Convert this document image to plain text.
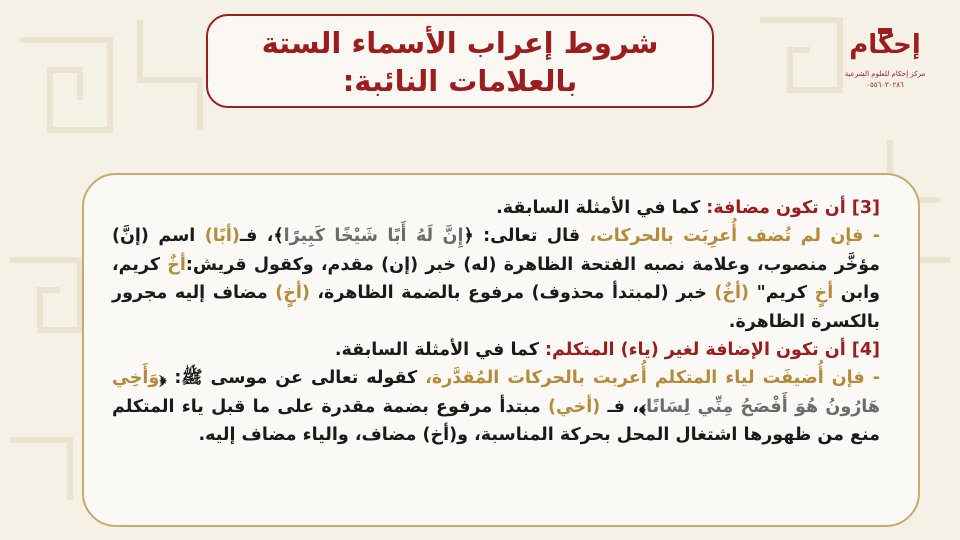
إحكام
مركز إحكام للعلوم الشرعية
٠٥٥٦٠٣٠٢٨٦
شروط إعراب الأسماء الستة
بالعلامات النائبة:

[3] أن تكون مضافة: كما في الأمثلة السابقة.

- فإن لم تُضف أُعرِبَت بالحركات، قال تعالى: ﴿إِنَّ لَهُ أَبًا شَيْخًا كَبِيرًا﴾، فـ(أبًا) اسم (إنَّ) مؤخَّر منصوب، وعلامة نصبه الفتحة الظاهرة (له) خبر (إن) مقدم، وكقول قريش:أخٌ كريم، وابن أخٍ كريم" (أخٌ) خبر (لمبتدأ محذوف) مرفوع بالضمة الظاهرة، (أخٍ) مضاف إليه مجرور بالكسرة الظاهرة.

[4] أن تكون الإضافة لغير (ياء) المتكلم: كما في الأمثلة السابقة.

- فإن أُضيفَت لياء المتكلم أُعربت بالحركات المُقدَّرة، كقوله تعالى عن موسى ﷺ: ﴿وَأَخِي هَارُونُ هُوَ أَفْصَحُ مِنِّي لِسَانًا﴾، فـ (أخي) مبتدأ مرفوع بضمة مقدرة على ما قبل ياء المتكلم منع من ظهورها اشتغال المحل بحركة المناسبة، و(أخ) مضاف، والياء مضاف إليه.
